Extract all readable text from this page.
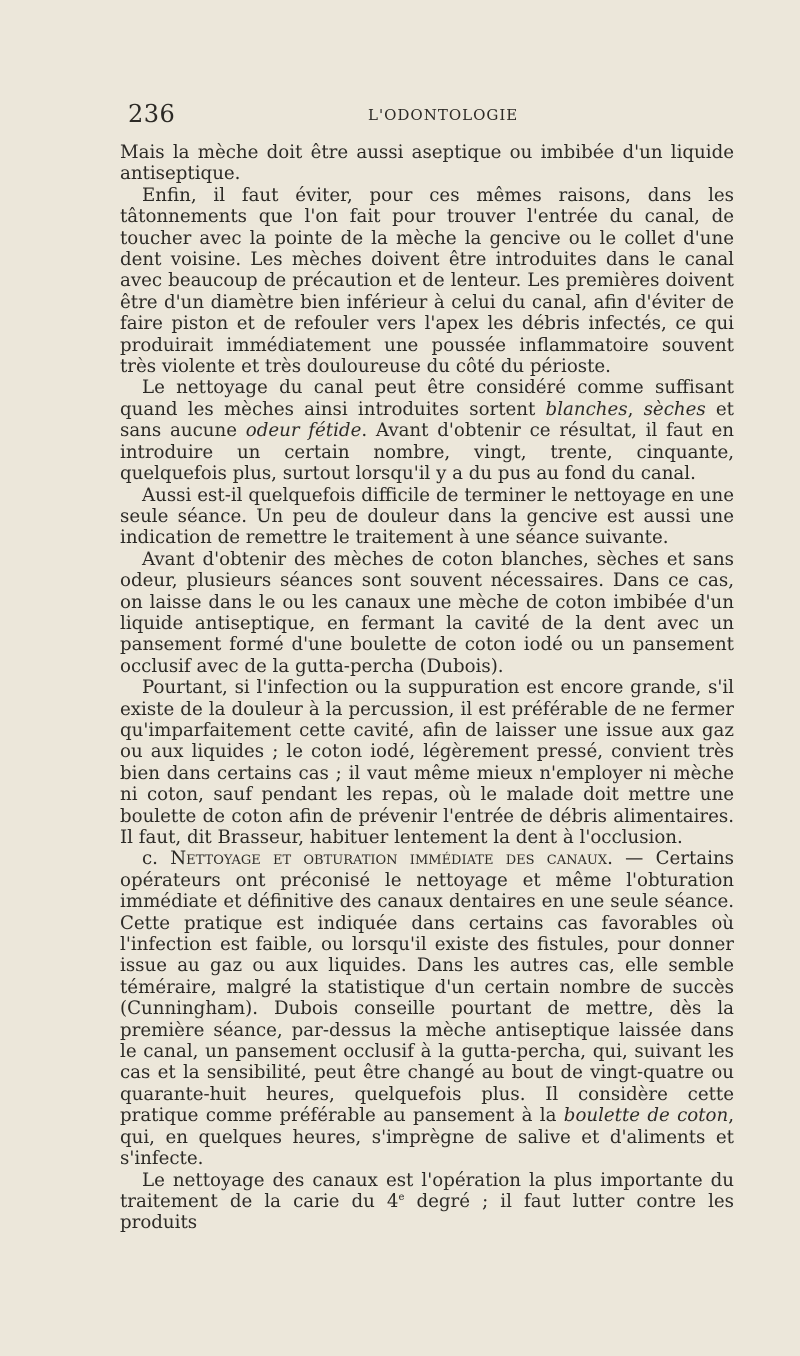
236	L'ODONTOLOGIE

Mais la mèche doit être aussi aseptique ou imbibée d'un liquide antiseptique.

Enfin, il faut éviter, pour ces mêmes raisons, dans les tâtonnements que l'on fait pour trouver l'entrée du canal, de toucher avec la pointe de la mèche la gencive ou le collet d'une dent voisine. Les mèches doivent être introduites dans le canal avec beaucoup de précaution et de lenteur. Les premières doivent être d'un diamètre bien inférieur à celui du canal, afin d'éviter de faire piston et de refouler vers l'apex les débris infectés, ce qui produirait immédiatement une poussée inflammatoire souvent très violente et très douloureuse du côté du périoste.

Le nettoyage du canal peut être considéré comme suffisant quand les mèches ainsi introduites sortent blanches, sèches et sans aucune odeur fétide. Avant d'obtenir ce résultat, il faut en introduire un certain nombre, vingt, trente, cinquante, quelquefois plus, surtout lorsqu'il y a du pus au fond du canal.

Aussi est-il quelquefois difficile de terminer le nettoyage en une seule séance. Un peu de douleur dans la gencive est aussi une indication de remettre le traitement à une séance suivante.

Avant d'obtenir des mèches de coton blanches, sèches et sans odeur, plusieurs séances sont souvent nécessaires. Dans ce cas, on laisse dans le ou les canaux une mèche de coton imbibée d'un liquide antiseptique, en fermant la cavité de la dent avec un pansement formé d'une boulette de coton iodé ou un pansement occlusif avec de la gutta-percha (Dubois).

Pourtant, si l'infection ou la suppuration est encore grande, s'il existe de la douleur à la percussion, il est préférable de ne fermer qu'imparfaitement cette cavité, afin de laisser une issue aux gaz ou aux liquides ; le coton iodé, légèrement pressé, convient très bien dans certains cas ; il vaut même mieux n'employer ni mèche ni coton, sauf pendant les repas, où le malade doit mettre une boulette de coton afin de prévenir l'entrée de débris alimentaires. Il faut, dit Brasseur, habituer lentement la dent à l'occlusion.

c. Nettoyage et obturation immédiate des canaux. — Certains opérateurs ont préconisé le nettoyage et même l'obturation immédiate et définitive des canaux dentaires en une seule séance. Cette pratique est indiquée dans certains cas favorables où l'infection est faible, ou lorsqu'il existe des fistules, pour donner issue au gaz ou aux liquides. Dans les autres cas, elle semble téméraire, malgré la statistique d'un certain nombre de succès (Cunningham). Dubois conseille pourtant de mettre, dès la première séance, par-dessus la mèche antiseptique laissée dans le canal, un pansement occlusif à la gutta-percha, qui, suivant les cas et la sensibilité, peut être changé au bout de vingt-quatre ou quarante-huit heures, quelquefois plus. Il considère cette pratique comme préférable au pansement à la boulette de coton, qui, en quelques heures, s'imprègne de salive et d'aliments et s'infecte.

Le nettoyage des canaux est l'opération la plus importante du traitement de la carie du 4e degré ; il faut lutter contre les produits
